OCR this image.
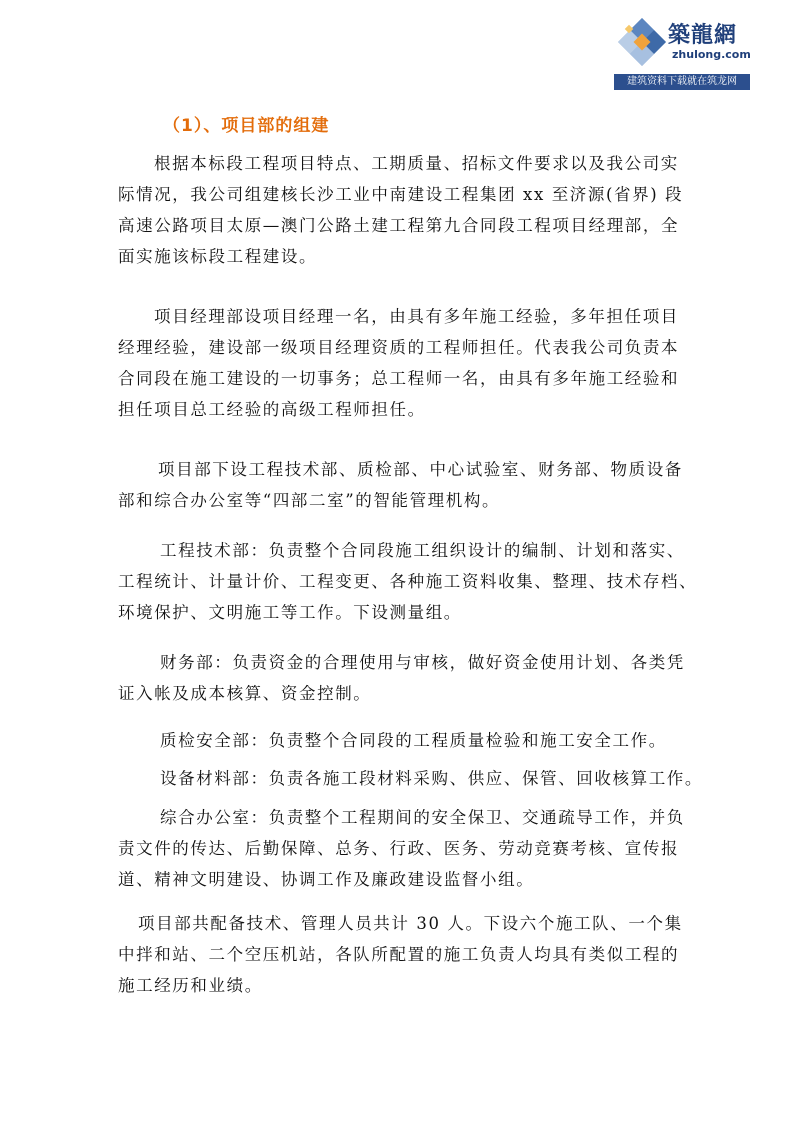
築龍網
zhulong.com
建筑资料下载就在筑龙网
（1）、项目部的组建
根据本标段工程项目特点、工期质量、招标文件要求以及我公司实
际情况，我公司组建核长沙工业中南建设工程集团 xx 至济源(省界) 段
高速公路项目太原—澳门公路土建工程第九合同段工程项目经理部，全
面实施该标段工程建设。
项目经理部设项目经理一名，由具有多年施工经验，多年担任项目
经理经验，建设部一级项目经理资质的工程师担任。代表我公司负责本
合同段在施工建设的一切事务；总工程师一名，由具有多年施工经验和
担任项目总工经验的高级工程师担任。
项目部下设工程技术部、质检部、中心试验室、财务部、物质设备
部和综合办公室等“四部二室”的智能管理机构。
工程技术部：负责整个合同段施工组织设计的编制、计划和落实、
工程统计、计量计价、工程变更、各种施工资料收集、整理、技术存档、
环境保护、文明施工等工作。下设测量组。
财务部：负责资金的合理使用与审核，做好资金使用计划、各类凭
证入帐及成本核算、资金控制。
质检安全部：负责整个合同段的工程质量检验和施工安全工作。
设备材料部：负责各施工段材料采购、供应、保管、回收核算工作。
综合办公室：负责整个工程期间的安全保卫、交通疏导工作，并负
责文件的传达、后勤保障、总务、行政、医务、劳动竞赛考核、宣传报
道、精神文明建设、协调工作及廉政建设监督小组。
项目部共配备技术、管理人员共计 30 人。下设六个施工队、一个集
中拌和站、二个空压机站，各队所配置的施工负责人均具有类似工程的
施工经历和业绩。
